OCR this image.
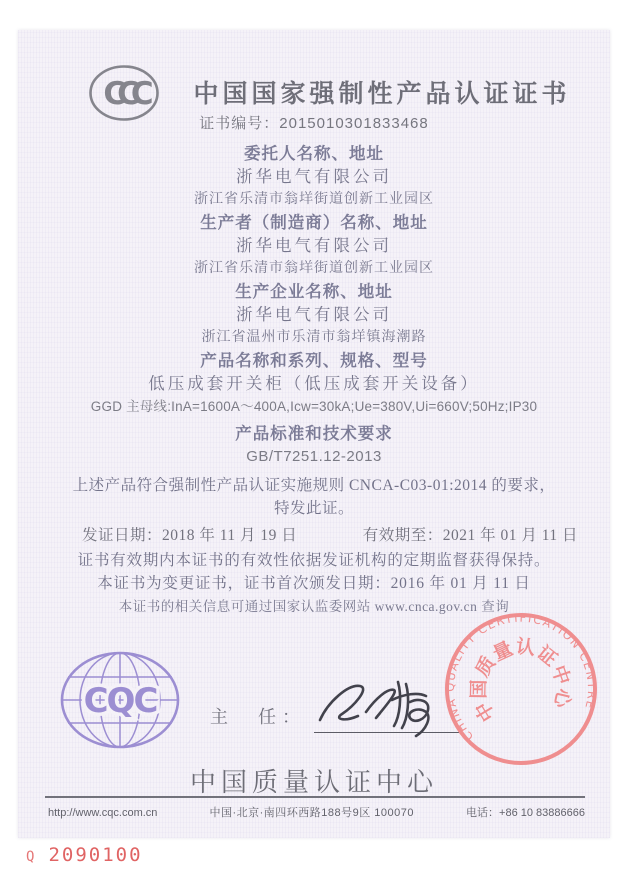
CCC	中国国家强制性产品认证证书
证书编号：2015010301833468
委托人名称、地址
浙华电气有限公司
浙江省乐清市翁垟街道创新工业园区
生产者（制造商）名称、地址
浙华电气有限公司
浙江省乐清市翁垟街道创新工业园区
生产企业名称、地址
浙华电气有限公司
浙江省温州市乐清市翁垟镇海潮路
产品名称和系列、规格、型号
低压成套开关柜（低压成套开关设备）
GGD 主母线:InA=1600A～400A,Icw=30kA;Ue=380V,Ui=660V;50Hz;IP30
产品标准和技术要求
GB/T7251.12-2013
上述产品符合强制性产品认证实施规则 CNCA-C03-01:2014 的要求，
特发此证。
发证日期：2018 年 11 月 19 日	有效期至：2021 年 01 月 11 日
证书有效期内本证书的有效性依据发证机构的定期监督获得保持。
本证书为变更证书，证书首次颁发日期：2016 年 01 月 11 日
本证书的相关信息可通过国家认监委网站 www.cnca.gov.cn 查询
CQC	主　任：
CHINA QUALITY CERTIFICATION CENTRE
中国质量认证中心
中国质量认证中心
http://www.cqc.com.cn	中国·北京·南四环西路188号9区 100070	电话：+86 10 83886666
Q 2090100
